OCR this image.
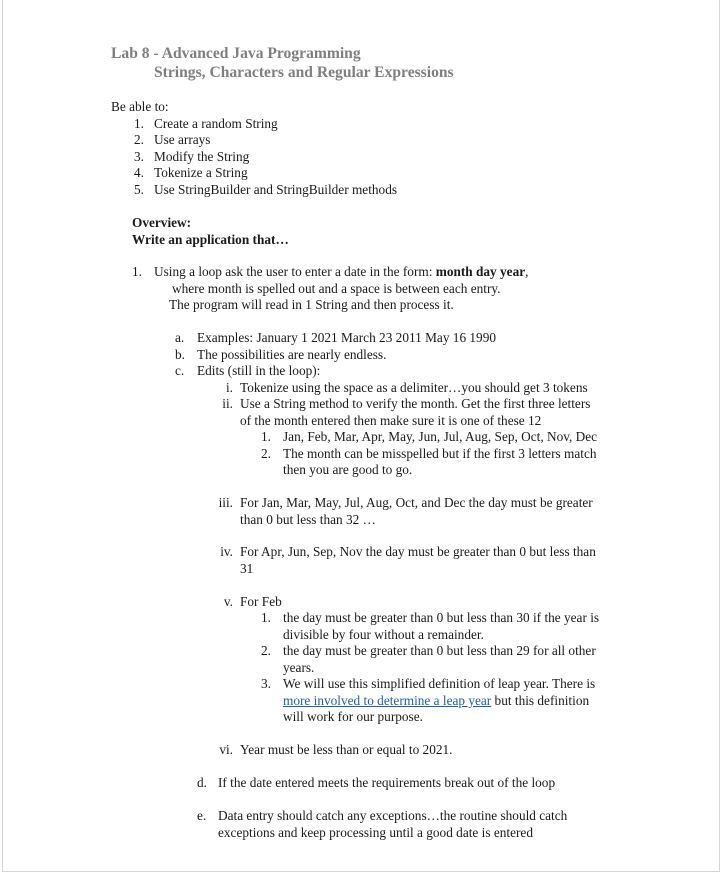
Lab 8 - Advanced Java Programming
Strings, Characters and Regular Expressions
Be able to:
1. Create a random String
2. Use arrays
3. Modify the String
4. Tokenize a String
5. Use StringBuilder and StringBuilder methods
Overview:
Write an application that…
1. Using a loop ask the user to enter a date in the form: month day year,
where month is spelled out and a space is between each entry.
The program will read in 1 String and then process it.
a. Examples: January 1 2021 March 23 2011 May 16 1990
b. The possibilities are nearly endless.
c. Edits (still in the loop):
i. Tokenize using the space as a delimiter…you should get 3 tokens
ii. Use a String method to verify the month. Get the first three letters
of the month entered then make sure it is one of these 12
1. Jan, Feb, Mar, Apr, May, Jun, Jul, Aug, Sep, Oct, Nov, Dec
2. The month can be misspelled but if the first 3 letters match
then you are good to go.
iii. For Jan, Mar, May, Jul, Aug, Oct, and Dec the day must be greater
than 0 but less than 32 …
iv. For Apr, Jun, Sep, Nov the day must be greater than 0 but less than
31
v. For Feb
1. the day must be greater than 0 but less than 30 if the year is
divisible by four without a remainder.
2. the day must be greater than 0 but less than 29 for all other
years.
3. We will use this simplified definition of leap year. There is
more involved to determine a leap year but this definition
will work for our purpose.
vi. Year must be less than or equal to 2021.
d. If the date entered meets the requirements break out of the loop
e. Data entry should catch any exceptions…the routine should catch
exceptions and keep processing until a good date is entered
